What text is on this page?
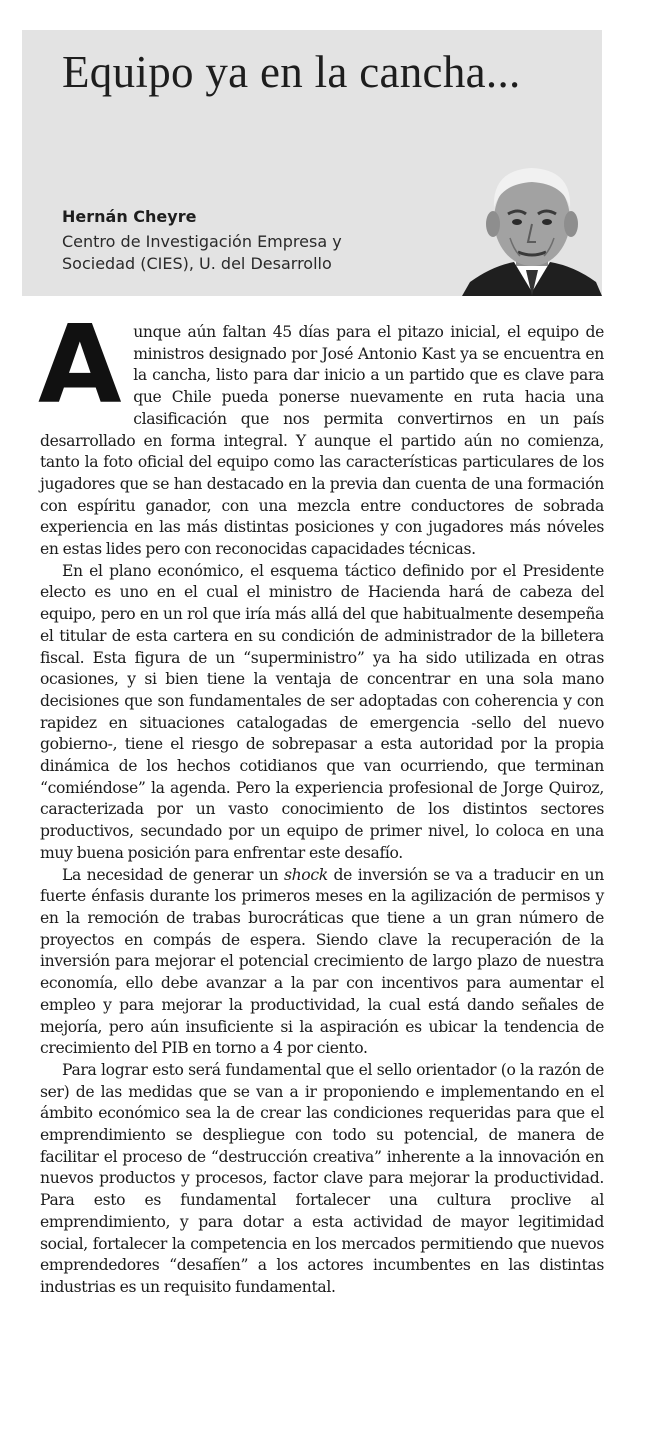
Equipo ya en la cancha...
Hernán Cheyre
Centro de Investigación Empresa y Sociedad (CIES), U. del Desarrollo

Aunque aún faltan 45 días para el pitazo inicial, el equipo de ministros designado por José Antonio Kast ya se encuentra en la cancha, listo para dar inicio a un partido que es clave para que Chile pueda ponerse nuevamente en ruta hacia una clasificación que nos permita convertirnos en un país desarrollado en forma integral. Y aunque el partido aún no comienza, tanto la foto oficial del equipo como las características particulares de los jugadores que se han destacado en la previa dan cuenta de una formación con espíritu ganador, con una mezcla entre conductores de sobrada experiencia en las más distintas posiciones y con jugadores más nóveles en estas lides pero con reconocidas capacidades técnicas.

En el plano económico, el esquema táctico definido por el Presidente electo es uno en el cual el ministro de Hacienda hará de cabeza del equipo, pero en un rol que iría más allá del que habitualmente desempeña el titular de esta cartera en su condición de administrador de la billetera fiscal. Esta figura de un “superministro” ya ha sido utilizada en otras ocasiones, y si bien tiene la ventaja de concentrar en una sola mano decisiones que son fundamentales de ser adoptadas con coherencia y con rapidez en situaciones catalogadas de emergencia -sello del nuevo gobierno-, tiene el riesgo de sobrepasar a esta autoridad por la propia dinámica de los hechos cotidianos que van ocurriendo, que terminan “comiéndose” la agenda. Pero la experiencia profesional de Jorge Quiroz, caracterizada por un vasto conocimiento de los distintos sectores productivos, secundado por un equipo de primer nivel, lo coloca en una muy buena posición para enfrentar este desafío.

La necesidad de generar un shock de inversión se va a traducir en un fuerte énfasis durante los primeros meses en la agilización de permisos y en la remoción de trabas burocráticas que tiene a un gran número de proyectos en compás de espera. Siendo clave la recuperación de la inversión para mejorar el potencial crecimiento de largo plazo de nuestra economía, ello debe avanzar a la par con incentivos para aumentar el empleo y para mejorar la productividad, la cual está dando señales de mejoría, pero aún insuficiente si la aspiración es ubicar la tendencia de crecimiento del PIB en torno a 4 por ciento.

Para lograr esto será fundamental que el sello orientador (o la razón de ser) de las medidas que se van a ir proponiendo e implementando en el ámbito económico sea la de crear las condiciones requeridas para que el emprendimiento se despliegue con todo su potencial, de manera de facilitar el proceso de “destrucción creativa” inherente a la innovación en nuevos productos y procesos, factor clave para mejorar la productividad. Para esto es fundamental fortalecer una cultura proclive al emprendimiento, y para dotar a esta actividad de mayor legitimidad social, fortalecer la competencia en los mercados permitiendo que nuevos emprendedores “desafíen” a los actores incumbentes en las distintas industrias es un requisito fundamental.
